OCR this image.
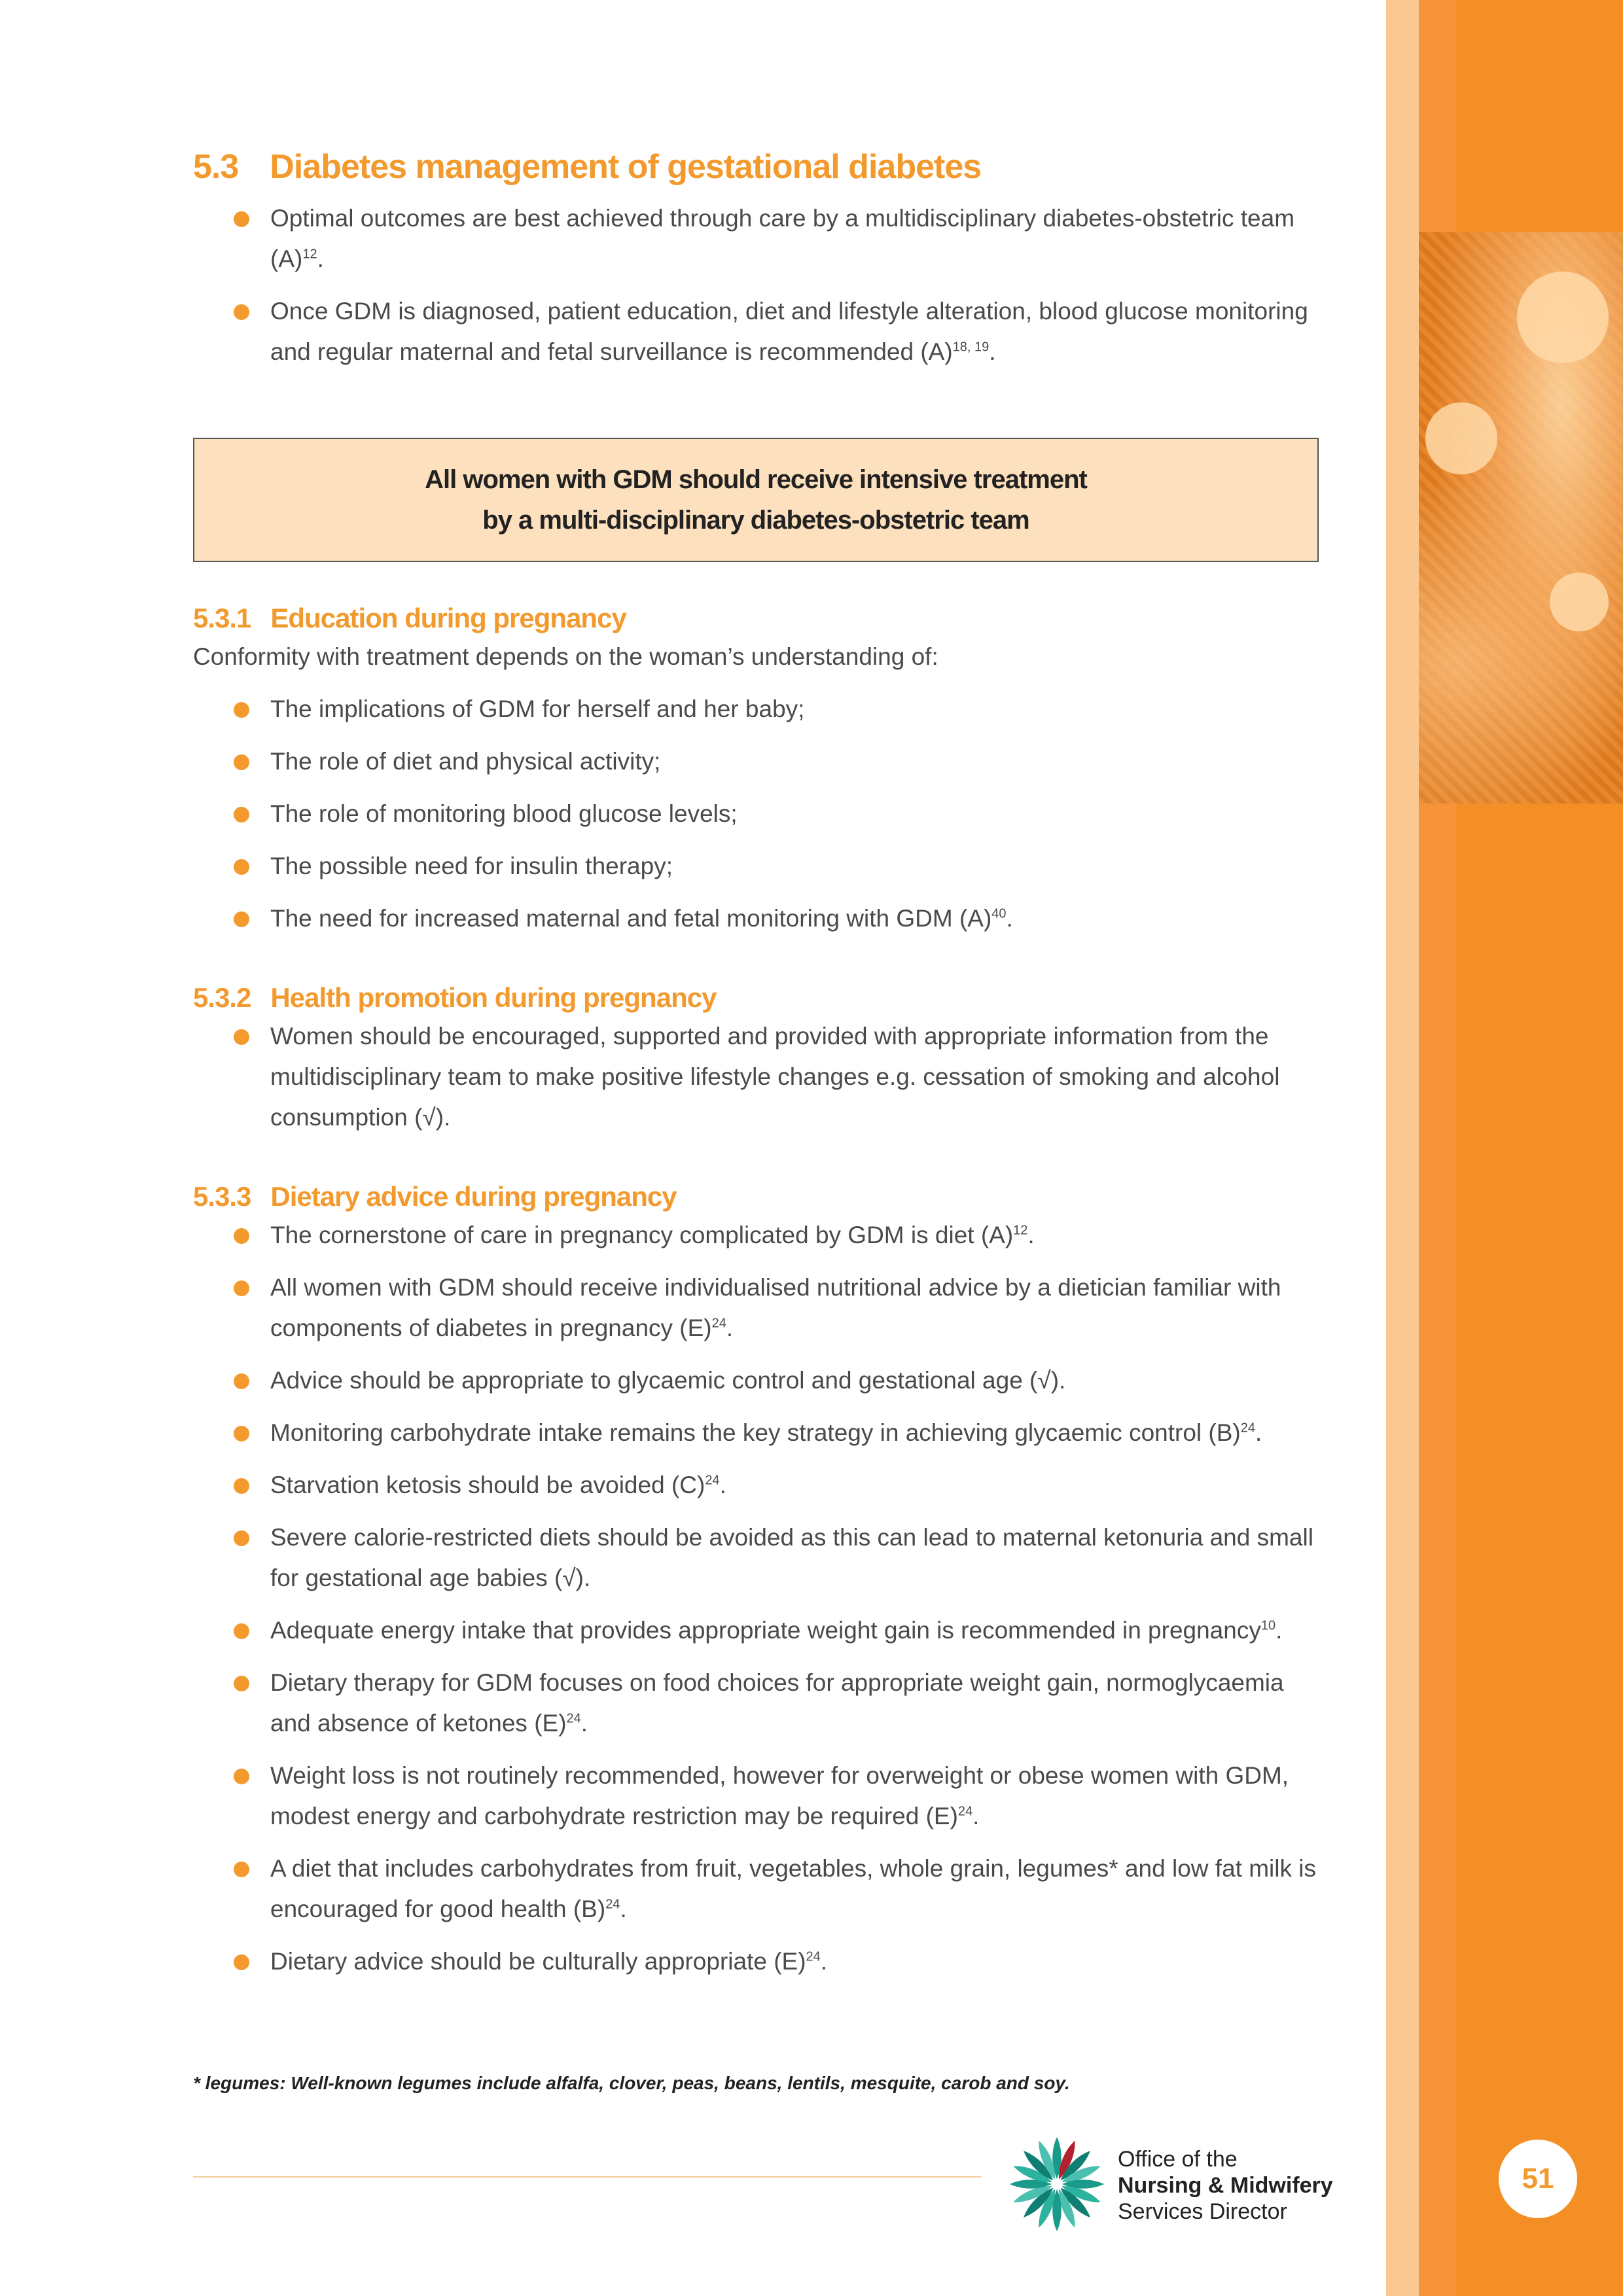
51
5.3 Diabetes management of gestational diabetes
Optimal outcomes are best achieved through care by a multidisciplinary diabetes-obstetric team $(A)^{12}$.
Once GDM is diagnosed, patient education, diet and lifestyle alteration, blood glucose monitoring and regular maternal and fetal surveillance is recommended $(A)^{18, 19}$.
All women with GDM should receive intensive treatment
by a multi-disciplinary diabetes-obstetric team
5.3.1 Education during pregnancy

Conformity with treatment depends on the woman’s understanding of:

The implications of GDM for herself and her baby;
The role of diet and physical activity;
The role of monitoring blood glucose levels;
The possible need for insulin therapy;
The need for increased maternal and fetal monitoring with GDM $(A)^{40}$.
5.3.2 Health promotion during pregnancy
Women should be encouraged, supported and provided with appropriate information from the multidisciplinary team to make positive lifestyle changes e.g. cessation of smoking and alcohol consumption (√).
5.3.3 Dietary advice during pregnancy
The cornerstone of care in pregnancy complicated by GDM is diet $(A)^{12}$.
All women with GDM should receive individualised nutritional advice by a dietician familiar with components of diabetes in pregnancy $(E)^{24}$.
Advice should be appropriate to glycaemic control and gestational age (√).
Monitoring carbohydrate intake remains the key strategy in achieving glycaemic control $(B)^{24}$.
Starvation ketosis should be avoided $(C)^{24}$.
Severe calorie-restricted diets should be avoided as this can lead to maternal ketonuria and small for gestational age babies (√).
Adequate energy intake that provides appropriate weight gain is recommended in pregnancy$^{10}$.
Dietary therapy for GDM focuses on food choices for appropriate weight gain, normoglycaemia and absence of ketones $(E)^{24}$.
Weight loss is not routinely recommended, however for overweight or obese women with GDM, modest energy and carbohydrate restriction may be required $(E)^{24}$.
A diet that includes carbohydrates from fruit, vegetables, whole grain, legumes* and low fat milk is encouraged for good health $(B)^{24}$.
Dietary advice should be culturally appropriate $(E)^{24}$.
* legumes: Well-known legumes include alfalfa, clover, peas, beans, lentils, mesquite, carob and soy.
Office of the
Nursing & Midwifery
Services Director
